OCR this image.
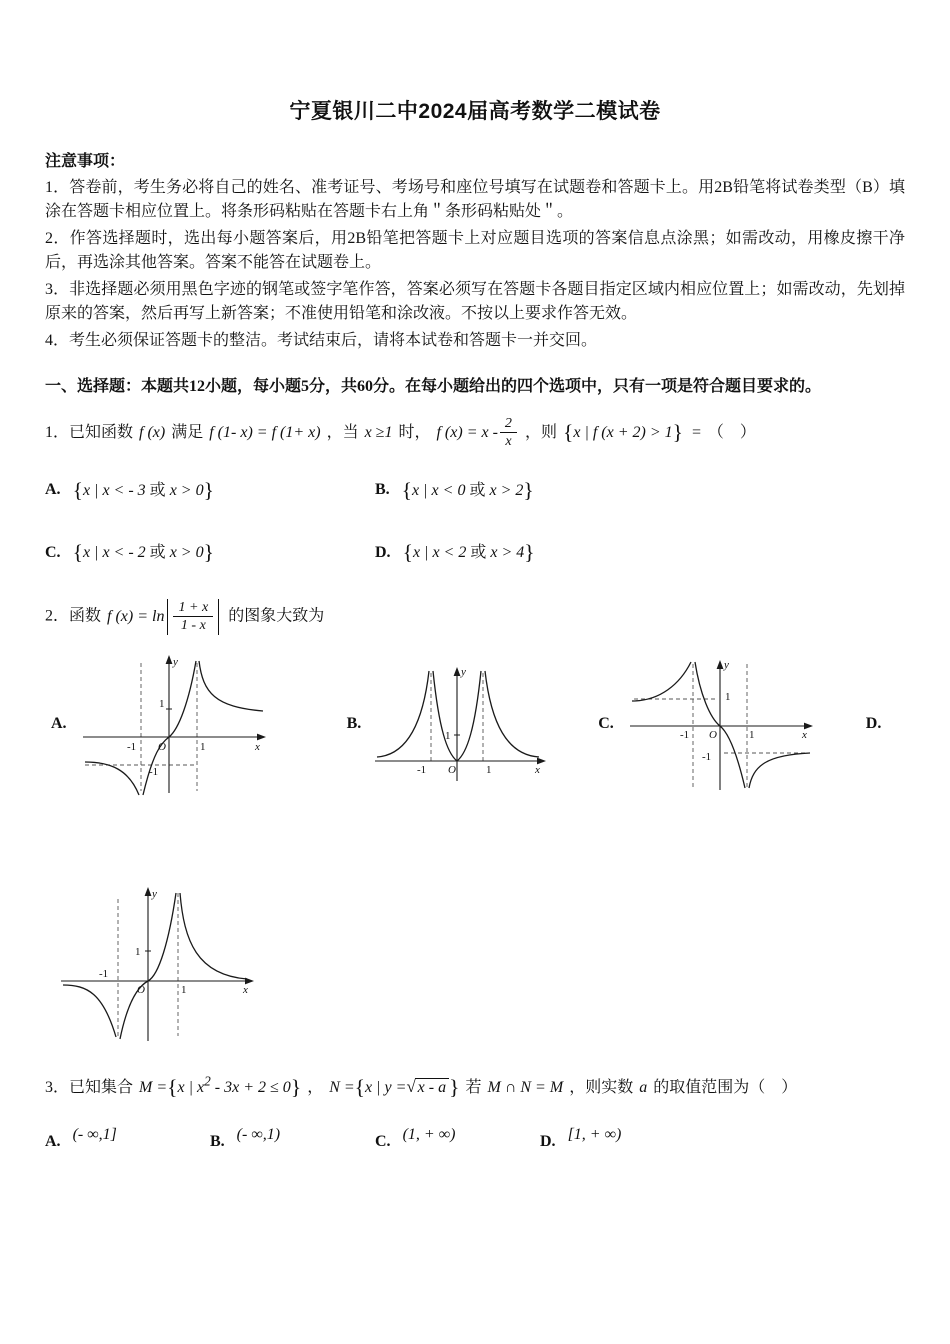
宁夏银川二中2024届高考数学二模试卷

注意事项：

1．答卷前，考生务必将自己的姓名、准考证号、考场号和座位号填写在试题卷和答题卡上。用2B铅笔将试卷类型（B）填涂在答题卡相应位置上。将条形码粘贴在答题卡右上角＂条形码粘贴处＂。

2．作答选择题时，选出每小题答案后，用2B铅笔把答题卡上对应题目选项的答案信息点涂黑；如需改动，用橡皮擦干净后，再选涂其他答案。答案不能答在试题卷上。

3．非选择题必须用黑色字迹的钢笔或签字笔作答，答案必须写在答题卡各题目指定区域内相应位置上；如需改动，先划掉原来的答案，然后再写上新答案；不准使用铅笔和涂改液。不按以上要求作答无效。

4．考生必须保证答题卡的整洁。考试结束后，请将本试卷和答题卡一并交回。

一、选择题：本题共12小题，每小题5分，共60分。在每小题给出的四个选项中，只有一项是符合题目要求的。

1．已知函数 f (x) 满足 f (1- x) = f (1+ x) ，当 x ≥1 时， f $(x) = x - \frac{2}{x}$ ，则 {x | f (x + 2) > 1} = （　）
A. {x | x < - 3 或 x > 0}	B. {x | x < 0 或 x > 2}
C. {x | x < - 2 或 x > 0}	D. {x | x < 2 或 x > 4}
2．函数 f $(x) = \ln \frac{1 + x}{1 - x}$ 的图象大致为
A.
y
x
O
-1	1
1
-1
B.
y
x
O
-1	1
1
C.
y
x
O
-1	1
1
-1
D.
y
x
O	1
-1
1
3．已知集合 M ={x | $x^2 - 3x + 2 \le 0$} ， N ={x | y =√ x - a } 若 M ∩ N = M ，则实数 a 的取值范围为（　）
A. (- ∞,1]	B. (- ∞,1)	C. (1, + ∞)	D. [1, + ∞)
